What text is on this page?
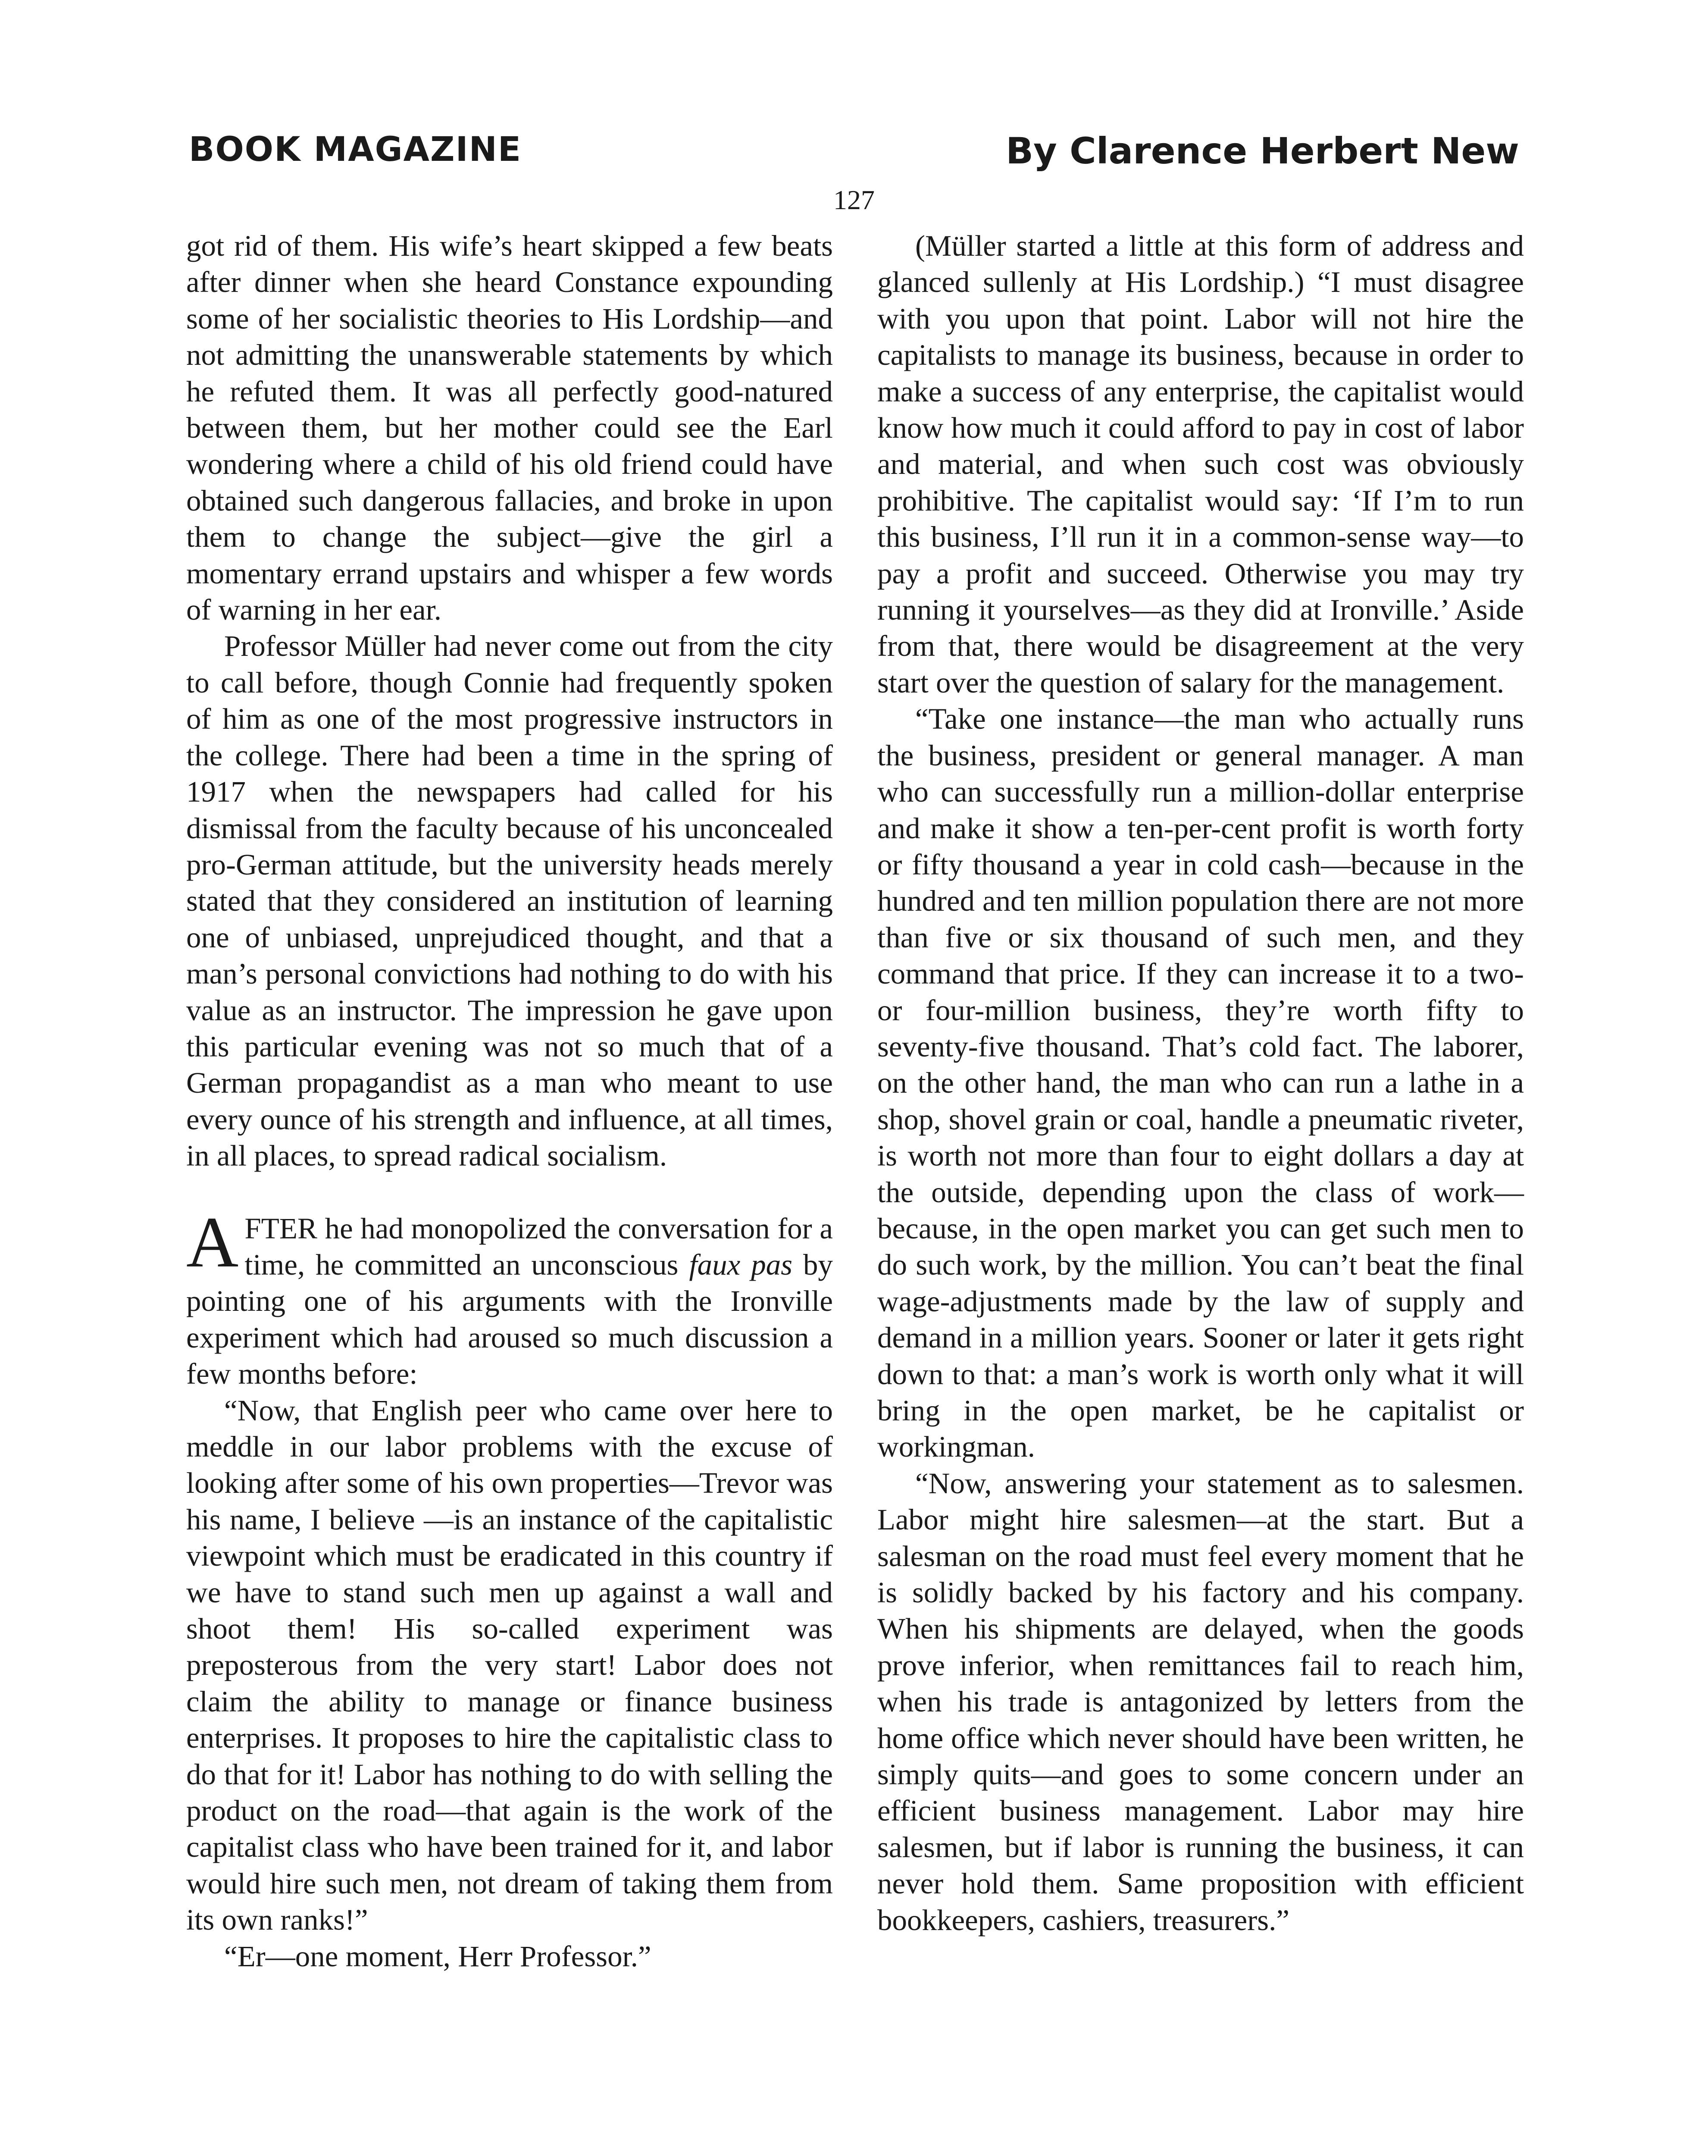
BOOK MAGAZINE	By Clarence Herbert New
127

got rid of them. His wife’s heart skipped a few beats after dinner when she heard Constance expounding some of her socialistic theories to His Lordship—and not admitting the unanswerable statements by which he refuted them. It was all perfectly good-natured between them, but her mother could see the Earl wondering where a child of his old friend could have obtained such dangerous fallacies, and broke in upon them to change the subject—give the girl a momentary errand upstairs and whisper a few words of warning in her ear.

Professor Müller had never come out from the city to call before, though Connie had frequently spoken of him as one of the most progressive instructors in the college. There had been a time in the spring of 1917 when the newspapers had called for his dismissal from the faculty because of his unconcealed pro-German attitude, but the university heads merely stated that they considered an institution of learning one of unbiased, unprejudiced thought, and that a man’s personal convictions had nothing to do with his value as an instructor. The impression he gave upon this particular evening was not so much that of a German propagandist as a man who meant to use every ounce of his strength and influence, at all times, in all places, to spread radical socialism.

AFTER he had monopolized the conversation for a time, he committed an unconscious faux pas by pointing one of his arguments with the Ironville experiment which had aroused so much discussion a few months before:

“Now, that English peer who came over here to meddle in our labor problems with the excuse of looking after some of his own properties—Trevor was his name, I believe —is an instance of the capitalistic viewpoint which must be eradicated in this country if we have to stand such men up against a wall and shoot them! His so-called experiment was preposterous from the very start! Labor does not claim the ability to manage or finance business enterprises. It proposes to hire the capitalistic class to do that for it! Labor has nothing to do with selling the product on the road—that again is the work of the capitalist class who have been trained for it, and labor would hire such men, not dream of taking them from its own ranks!”

“Er—one moment, Herr Professor.”

(Müller started a little at this form of address and glanced sullenly at His Lordship.) “I must disagree with you upon that point. Labor will not hire the capitalists to manage its business, because in order to make a success of any enterprise, the capitalist would know how much it could afford to pay in cost of labor and material, and when such cost was obviously prohibitive. The capitalist would say: ‘If I’m to run this business, I’ll run it in a common-sense way—to pay a profit and succeed. Otherwise you may try running it yourselves—as they did at Ironville.’ Aside from that, there would be disagreement at the very start over the question of salary for the management.

“Take one instance—the man who actually runs the business, president or general manager. A man who can successfully run a million-dollar enterprise and make it show a ten-per-cent profit is worth forty or fifty thousand a year in cold cash—because in the hundred and ten million population there are not more than five or six thousand of such men, and they command that price. If they can increase it to a two- or four-million business, they’re worth fifty to seventy-five thousand. That’s cold fact. The laborer, on the other hand, the man who can run a lathe in a shop, shovel grain or coal, handle a pneumatic riveter, is worth not more than four to eight dollars a day at the outside, depending upon the class of work—because, in the open market you can get such men to do such work, by the million. You can’t beat the final wage-adjustments made by the law of supply and demand in a million years. Sooner or later it gets right down to that: a man’s work is worth only what it will bring in the open market, be he capitalist or workingman.

“Now, answering your statement as to salesmen. Labor might hire salesmen—at the start. But a salesman on the road must feel every moment that he is solidly backed by his factory and his company. When his shipments are delayed, when the goods prove inferior, when remittances fail to reach him, when his trade is antagonized by letters from the home office which never should have been written, he simply quits—and goes to some concern under an efficient business management. Labor may hire salesmen, but if labor is running the business, it can never hold them. Same proposition with efficient bookkeepers, cashiers, treasurers.”
